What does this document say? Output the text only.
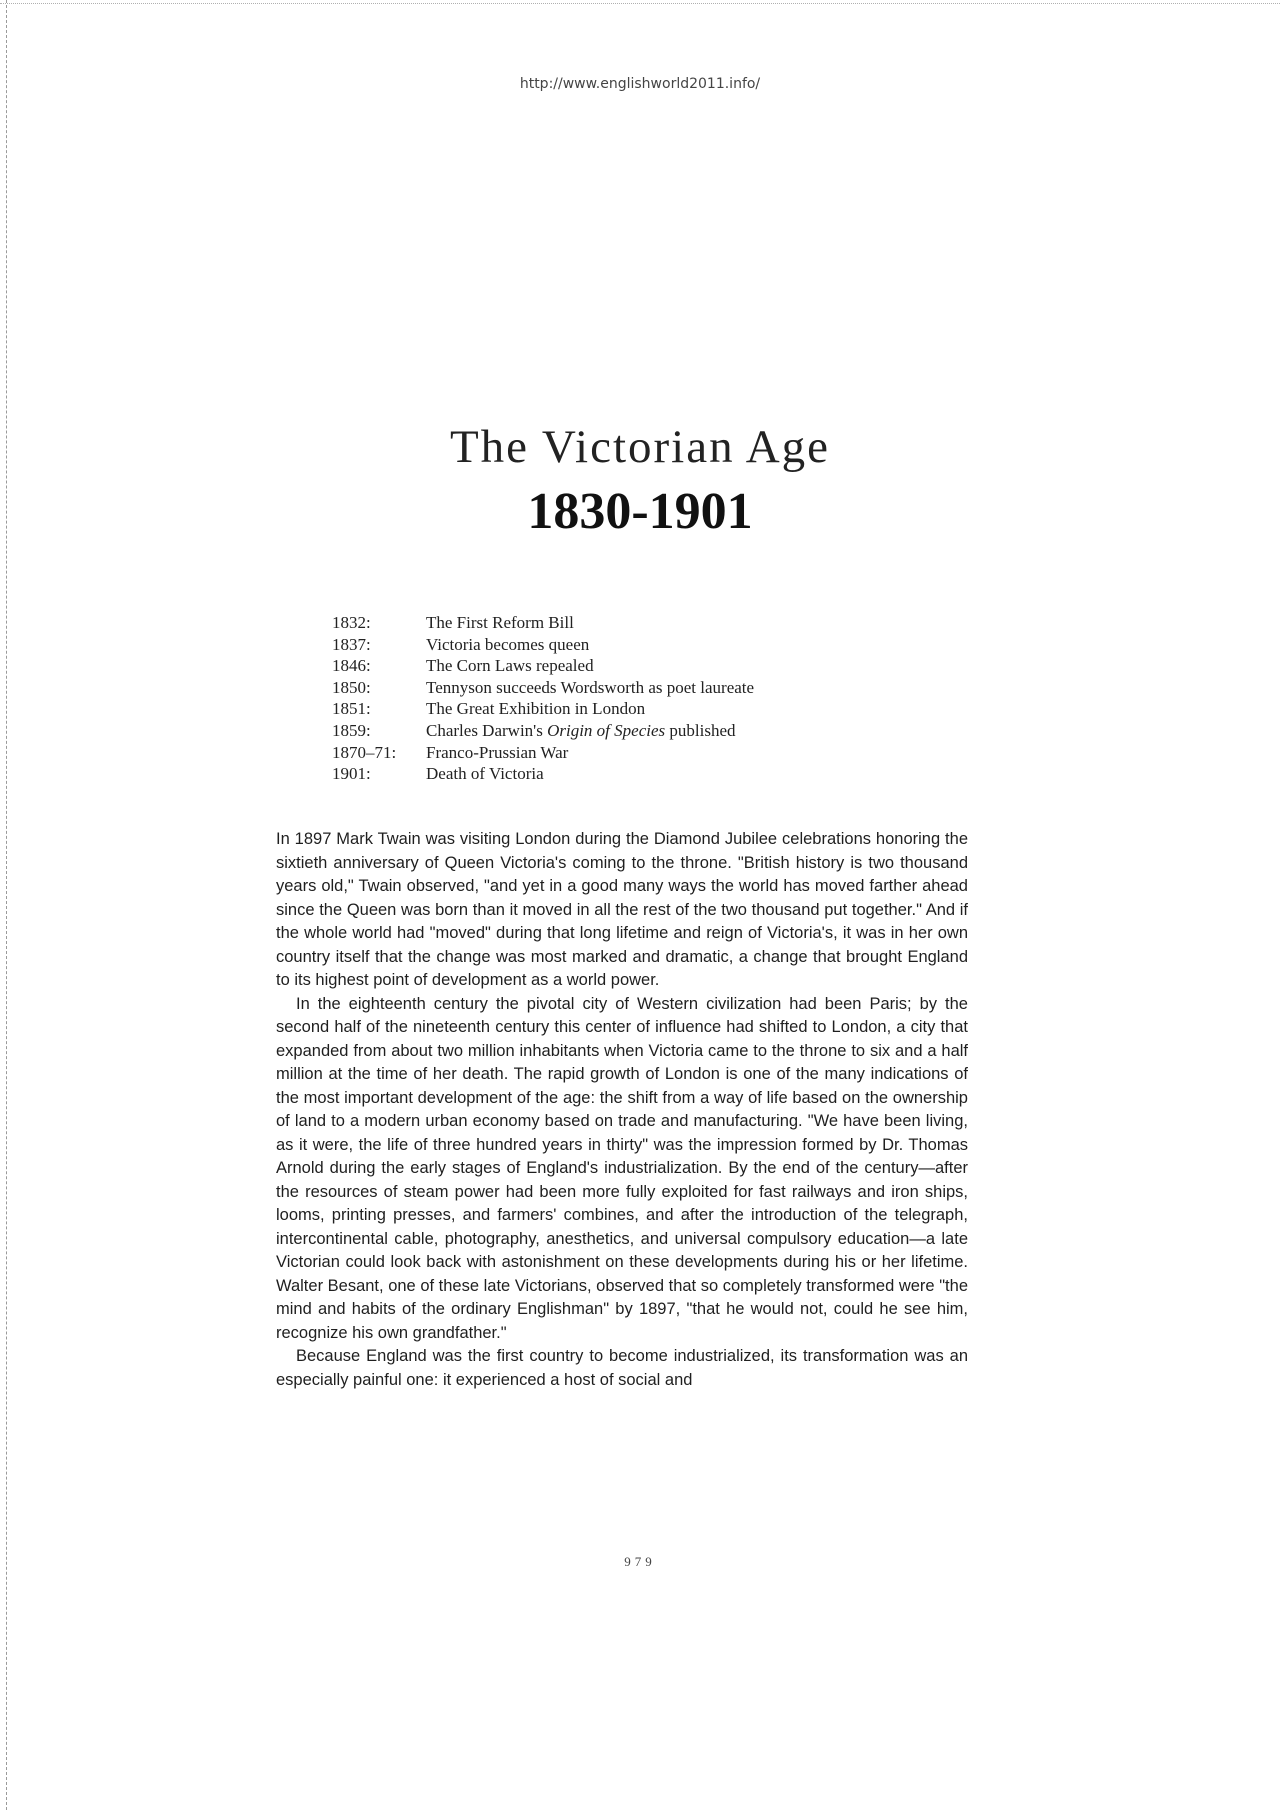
http://www.englishworld2011.info/
The Victorian Age
1830-1901
1832:	The First Reform Bill
1837:	Victoria becomes queen
1846:	The Corn Laws repealed
1850:	Tennyson succeeds Wordsworth as poet laureate
1851:	The Great Exhibition in London
1859:	Charles Darwin's Origin of Species published
1870–71:	Franco-Prussian War
1901:	Death of Victoria

In 1897 Mark Twain was visiting London during the Diamond Jubilee celebrations honoring the sixtieth anniversary of Queen Victoria's coming to the throne. "British history is two thousand years old," Twain observed, "and yet in a good many ways the world has moved farther ahead since the Queen was born than it moved in all the rest of the two thousand put together." And if the whole world had "moved" during that long lifetime and reign of Victoria's, it was in her own country itself that the change was most marked and dramatic, a change that brought England to its highest point of development as a world power.

In the eighteenth century the pivotal city of Western civilization had been Paris; by the second half of the nineteenth century this center of influence had shifted to London, a city that expanded from about two million inhabitants when Victoria came to the throne to six and a half million at the time of her death. The rapid growth of London is one of the many indications of the most important development of the age: the shift from a way of life based on the ownership of land to a modern urban economy based on trade and manufacturing. "We have been living, as it were, the life of three hundred years in thirty" was the impression formed by Dr. Thomas Arnold during the early stages of England's industrialization. By the end of the century—after the resources of steam power had been more fully exploited for fast railways and iron ships, looms, printing presses, and farmers' combines, and after the introduction of the telegraph, intercontinental cable, photography, anesthetics, and universal compulsory education—a late Victorian could look back with astonishment on these developments during his or her lifetime. Walter Besant, one of these late Victorians, observed that so completely transformed were "the mind and habits of the ordinary Englishman" by 1897, "that he would not, could he see him, recognize his own grandfather."

Because England was the first country to become industrialized, its transformation was an especially painful one: it experienced a host of social and

979
